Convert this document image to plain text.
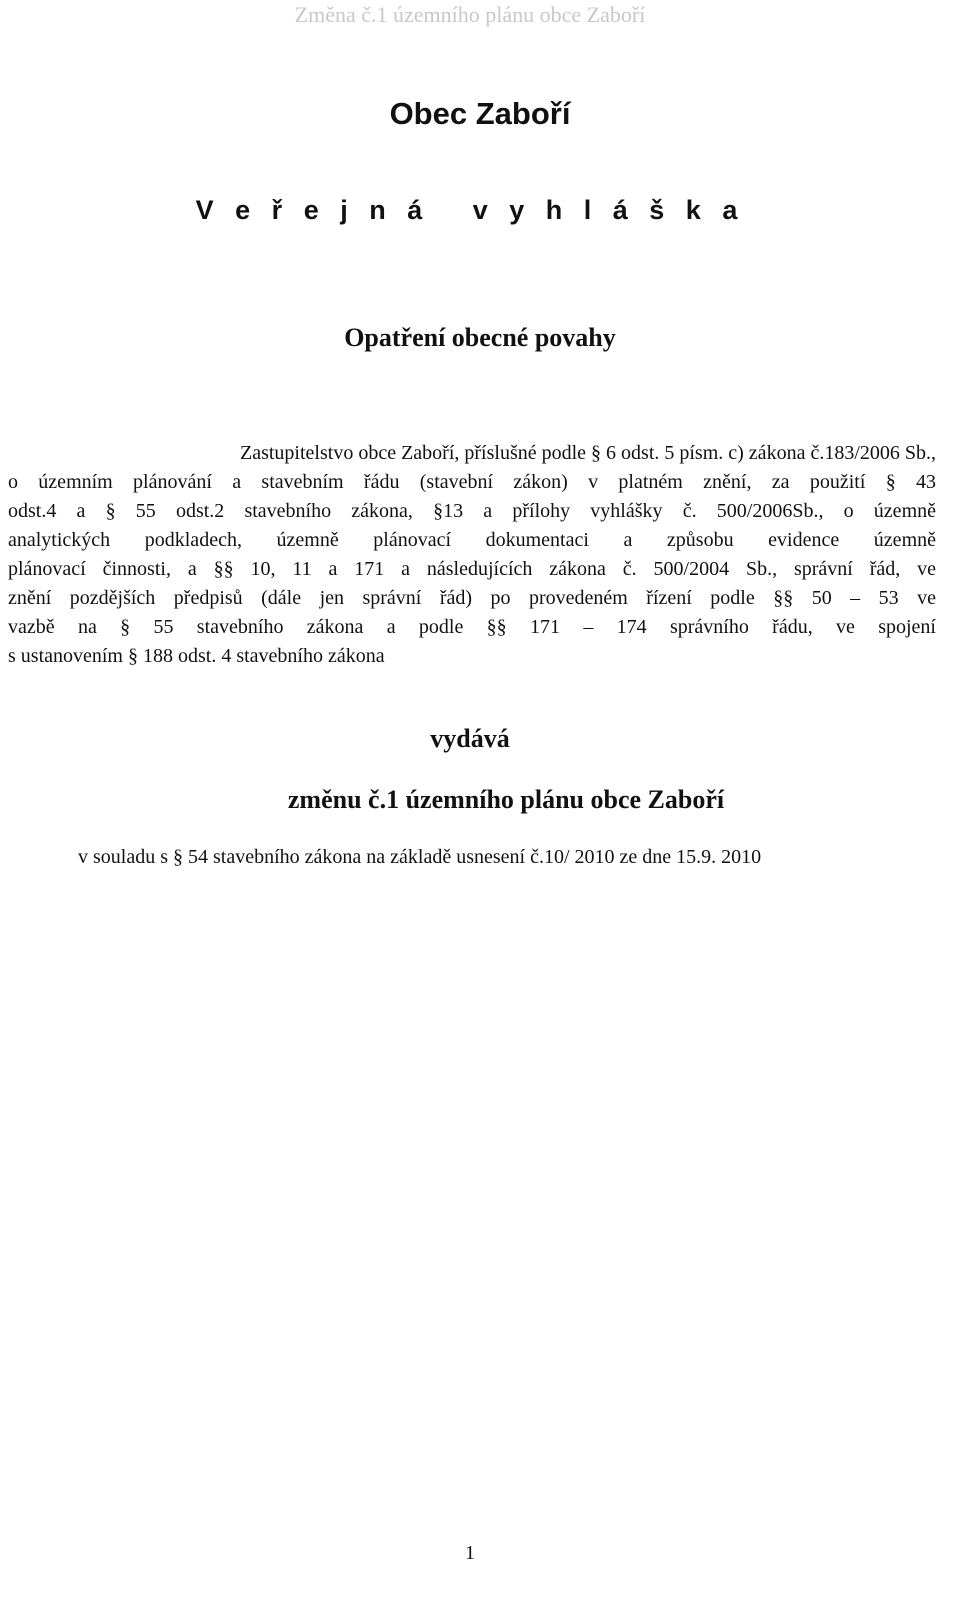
Změna č.1 územního plánu obce Zaboří
Obec Zaboří
V e ř e j n á   v y h l á š k a
Opatření obecné povahy
Zastupitelstvo obce Zaboří, příslušné podle § 6 odst. 5 písm. c) zákona č.183/2006 Sb.,
o územním plánování a stavebním řádu (stavební zákon) v platném znění, za použití § 43
odst.4 a § 55 odst.2 stavebního zákona, §13 a přílohy vyhlášky č. 500/2006Sb., o územně
analytických podkladech, územně plánovací dokumentaci a způsobu evidence územně
plánovací činnosti, a §§ 10, 11 a 171 a následujících zákona č. 500/2004 Sb., správní řád, ve
znění pozdějších předpisů (dále jen správní řád) po provedeném řízení podle §§ 50 – 53 ve
vazbě na § 55 stavebního zákona a podle §§ 171 – 174 správního řádu, ve spojení
s ustanovením § 188 odst. 4 stavebního zákona
vydává
změnu č.1 územního plánu obce Zaboří
v souladu s § 54 stavebního zákona na základě usnesení č.10/ 2010 ze dne 15.9. 2010
1
